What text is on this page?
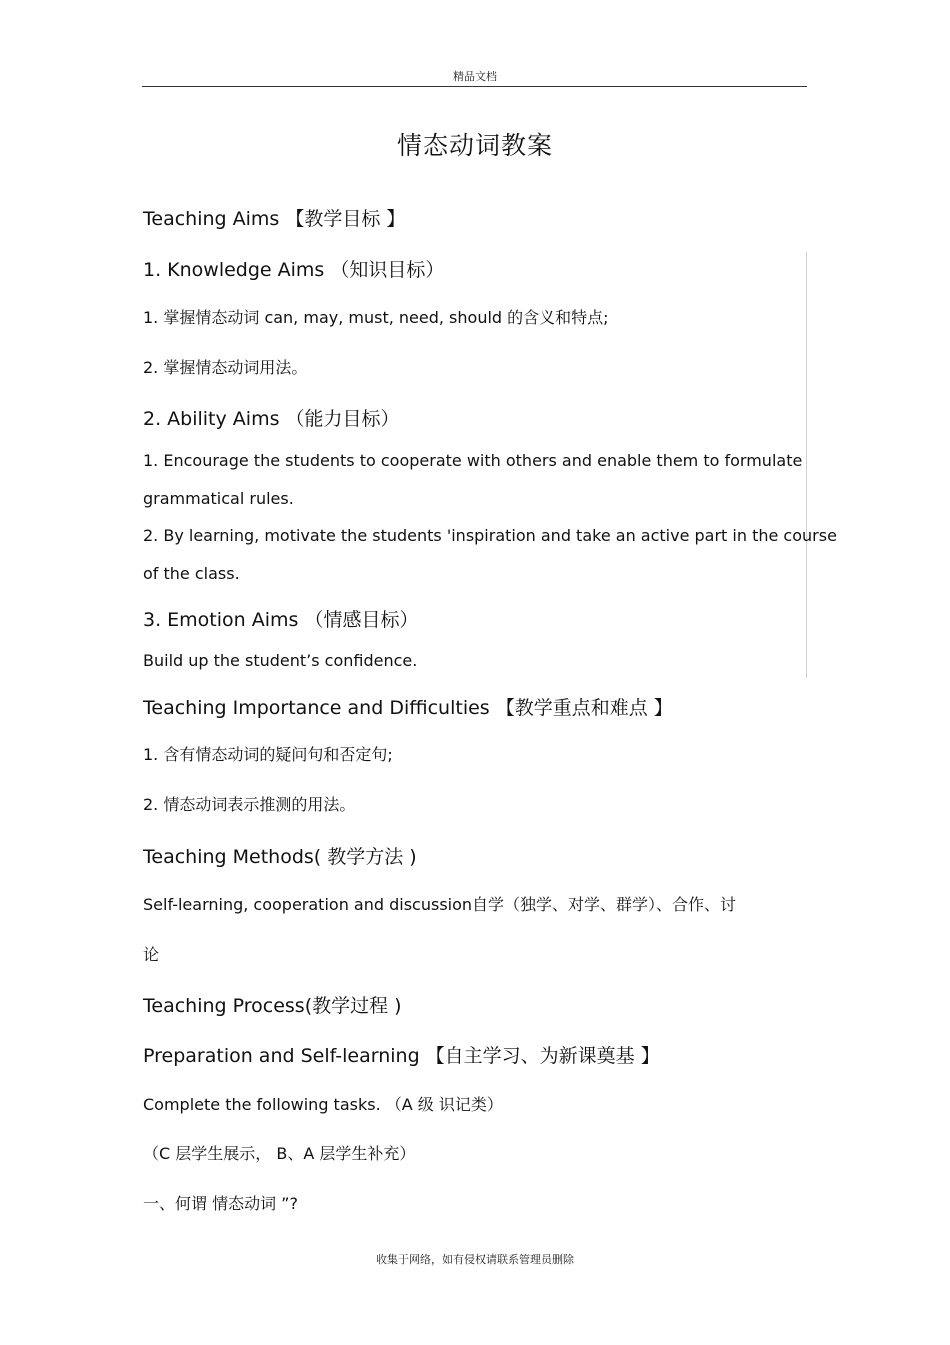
精品文档
情态动词教案
Teaching Aims 【教学目标 】
1. Knowledge Aims （知识目标）
1. 掌握情态动词 can, may, must, need, should 的含义和特点;
2. 掌握情态动词用法。
2. Ability Aims （能力目标）
1. Encourage the students to cooperate with others and enable them to formulate
grammatical rules.
2. By learning, motivate the students 'inspiration and take an active part in the course
of the class.
3. Emotion Aims （情感目标）
Build up the student’s confidence.
Teaching Importance and Difficulties 【教学重点和难点 】
1. 含有情态动词的疑问句和否定句;
2. 情态动词表示推测的用法。
Teaching Methods( 教学方法 )
Self-learning, cooperation and discussion自学（独学、对学、群学）、合作、讨
论
Teaching Process(教学过程 )
Preparation and Self-learning 【自主学习、为新课奠基 】
Complete the following tasks. （A 级 识记类）
（C 层学生展示， B、A 层学生补充）
一、何谓 情态动词 ”?
收集于网络，如有侵权请联系管理员删除
